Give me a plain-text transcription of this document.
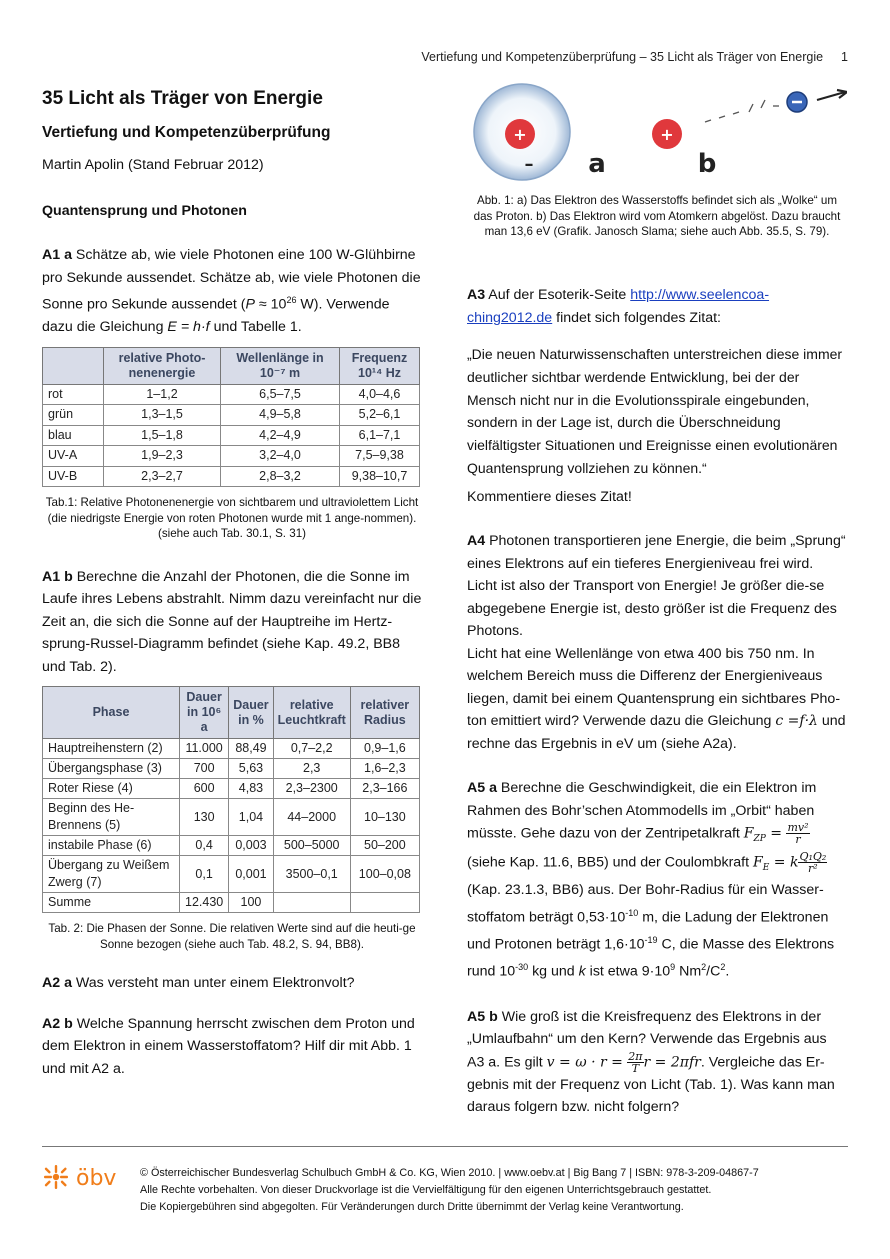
Vertiefung und Kompetenzüberprüfung – 35 Licht als Träger von Energie 1
35 Licht als Träger von Energie
Vertiefung und Kompetenzüberprüfung

Martin Apolin (Stand Februar 2012)

Quantensprung und Photonen

A1 a Schätze ab, wie viele Photonen eine 100 W-Glühbirne pro Sekunde aussendet. Schätze ab, wie viele Photonen die Sonne pro Sekunde aussendet ($P \approx 10^{26}$ W). Verwende dazu die Gleichung E = h·f und Tabelle 1.

	relative Photo-nenenergie	Wellenlänge in 10⁻⁷ m	Frequenz 10¹⁴ Hz
rot	1–1,2	6,5–7,5	4,0–4,6
grün	1,3–1,5	4,9–5,8	5,2–6,1
blau	1,5–1,8	4,2–4,9	6,1–7,1
UV-A	1,9–2,3	3,2–4,0	7,5–9,38
UV-B	2,3–2,7	2,8–3,2	9,38–10,7

Tab.1: Relative Photonenenergie von sichtbarem und ultraviolettem Licht (die niedrigste Energie von roten Photonen wurde mit 1 ange-nommen). (siehe auch Tab. 30.1, S. 31)

A1 b Berechne die Anzahl der Photonen, die die Sonne im Laufe ihres Lebens abstrahlt. Nimm dazu vereinfacht nur die Zeit an, die sich die Sonne auf der Hauptreihe im Hertz-sprung-Russel-Diagramm befindet (siehe Kap. 49.2, BB8 und Tab. 2).

Phase	Dauer in 10⁶ a	Dauer in %	relative Leuchtkraft	relativer Radius
Hauptreihenstern (2)	11.000	88,49	0,7–2,2	0,9–1,6
Übergangsphase (3)	700	5,63	2,3	1,6–2,3
Roter Riese (4)	600	4,83	2,3–2300	2,3–166
Beginn des He-Brennens (5)	130	1,04	44–2000	10–130
instabile Phase (6)	0,4	0,003	500–5000	50–200
Übergang zu Weißem Zwerg (7)	0,1	0,001	3500–0,1	100–0,08
Summe	12.430	100		

Tab. 2: Die Phasen der Sonne. Die relativen Werte sind auf die heuti-ge Sonne bezogen (siehe auch Tab. 48.2, S. 94, BB8).

A2 a Was versteht man unter einem Elektronvolt?

A2 b Welche Spannung herrscht zwischen dem Proton und dem Elektron in einem Wasserstoffatom? Hilf dir mit Abb. 1 und mit A2 a.

+
– a
+
b

Abb. 1: a) Das Elektron des Wasserstoffs befindet sich als „Wolke“ um das Proton. b) Das Elektron wird vom Atomkern abgelöst. Dazu braucht man 13,6 eV (Grafik. Janosch Slama; siehe auch Abb. 35.5, S. 79).

A3 Auf der Esoterik-Seite http://www.seelencoa-
ching2012.de findet sich folgendes Zitat:

„Die neuen Naturwissenschaften unterstreichen diese immer deutlicher sichtbar werdende Entwicklung, bei der der Mensch nicht nur in die Evolutionsspirale eingebunden, sondern in der Lage ist, durch die Überschneidung vielfältigster Situationen und Ereignisse einen evolutionären Quantensprung vollziehen zu können.“

Kommentiere dieses Zitat!

A4 Photonen transportieren jene Energie, die beim „Sprung“ eines Elektrons auf ein tieferes Energieniveau frei wird. Licht ist also der Transport von Energie! Je größer die-se abgegebene Energie ist, desto größer ist die Frequenz des Photons.

Licht hat eine Wellenlänge von etwa 400 bis 750 nm. In welchem Bereich muss die Differenz der Energieniveaus liegen, damit bei einem Quantensprung ein sichtbares Pho-ton emittiert wird? Verwende dazu die Gleichung c =f·λ und rechne das Ergebnis in eV um (siehe A2a).

A5 a Berechne die Geschwindigkeit, die ein Elektron im Rahmen des Bohr’schen Atommodells im „Orbit“ haben müsste. Gehe dazu von der Zentripetalkraft $F_{ZP} = \frac{\text{mv²}}{r}$
(siehe Kap. 11.6, BB5) und der Coulombkraft $F_E = k \frac{\text{Q₁Q₂}}{\text{r²}}$
(Kap. 23.1.3, BB6) aus. Der Bohr-Radius für ein Wasser-stoffatom beträgt $0,53\cdot 10^{-10}$ m, die Ladung der Elektronen und Protonen beträgt $1,6\cdot 10^{-19}$ C, die Masse des Elektrons rund $10^{-30}$ kg und k ist etwa $9\cdot 10^9$ $Nm^2/C^2$.

A5 b Wie groß ist die Kreisfrequenz des Elektrons in der „Umlaufbahn“ um den Kern? Verwende das Ergebnis aus A3 a. Es gilt $v = \omega \cdot r = \frac{2\pi}{T}$ r = 2πfr. Vergleiche das Er-gebnis mit der Frequenz von Licht (Tab. 1). Was kann man daraus folgern bzw. nicht folgern?

öbv © Österreichischer Bundesverlag Schulbuch GmbH & Co. KG, Wien 2010. | www.oebv.at | Big Bang 7 | ISBN: 978-3-209-04867-7
Alle Rechte vorbehalten. Von dieser Druckvorlage ist die Vervielfältigung für den eigenen Unterrichtsgebrauch gestattet.
Die Kopiergebühren sind abgegolten. Für Veränderungen durch Dritte übernimmt der Verlag keine Verantwortung.
